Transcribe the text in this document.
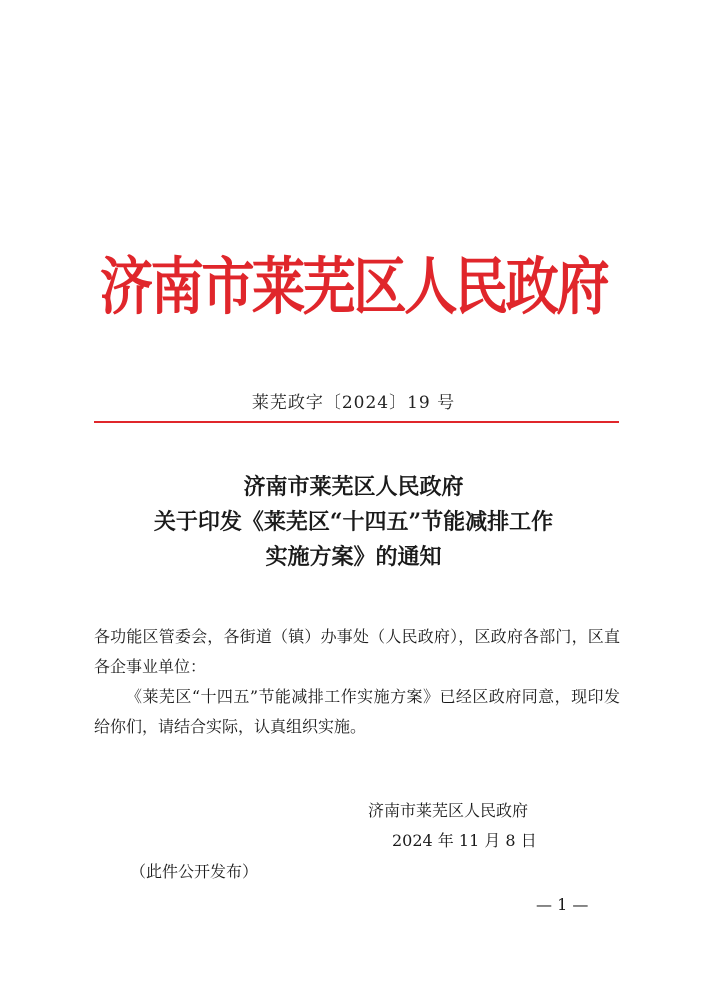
济南市莱芜区人民政府
莱芜政字〔2024〕19 号
济南市莱芜区人民政府
关于印发《莱芜区“十四五”节能减排工作
实施方案》的通知

各功能区管委会，各街道（镇）办事处（人民政府），区政府各部门，区直各企事业单位：

《莱芜区“十四五”节能减排工作实施方案》已经区政府同意，现印发给你们，请结合实际，认真组织实施。

济南市莱芜区人民政府
2024 年 11 月 8 日
（此件公开发布）
— 1 —
